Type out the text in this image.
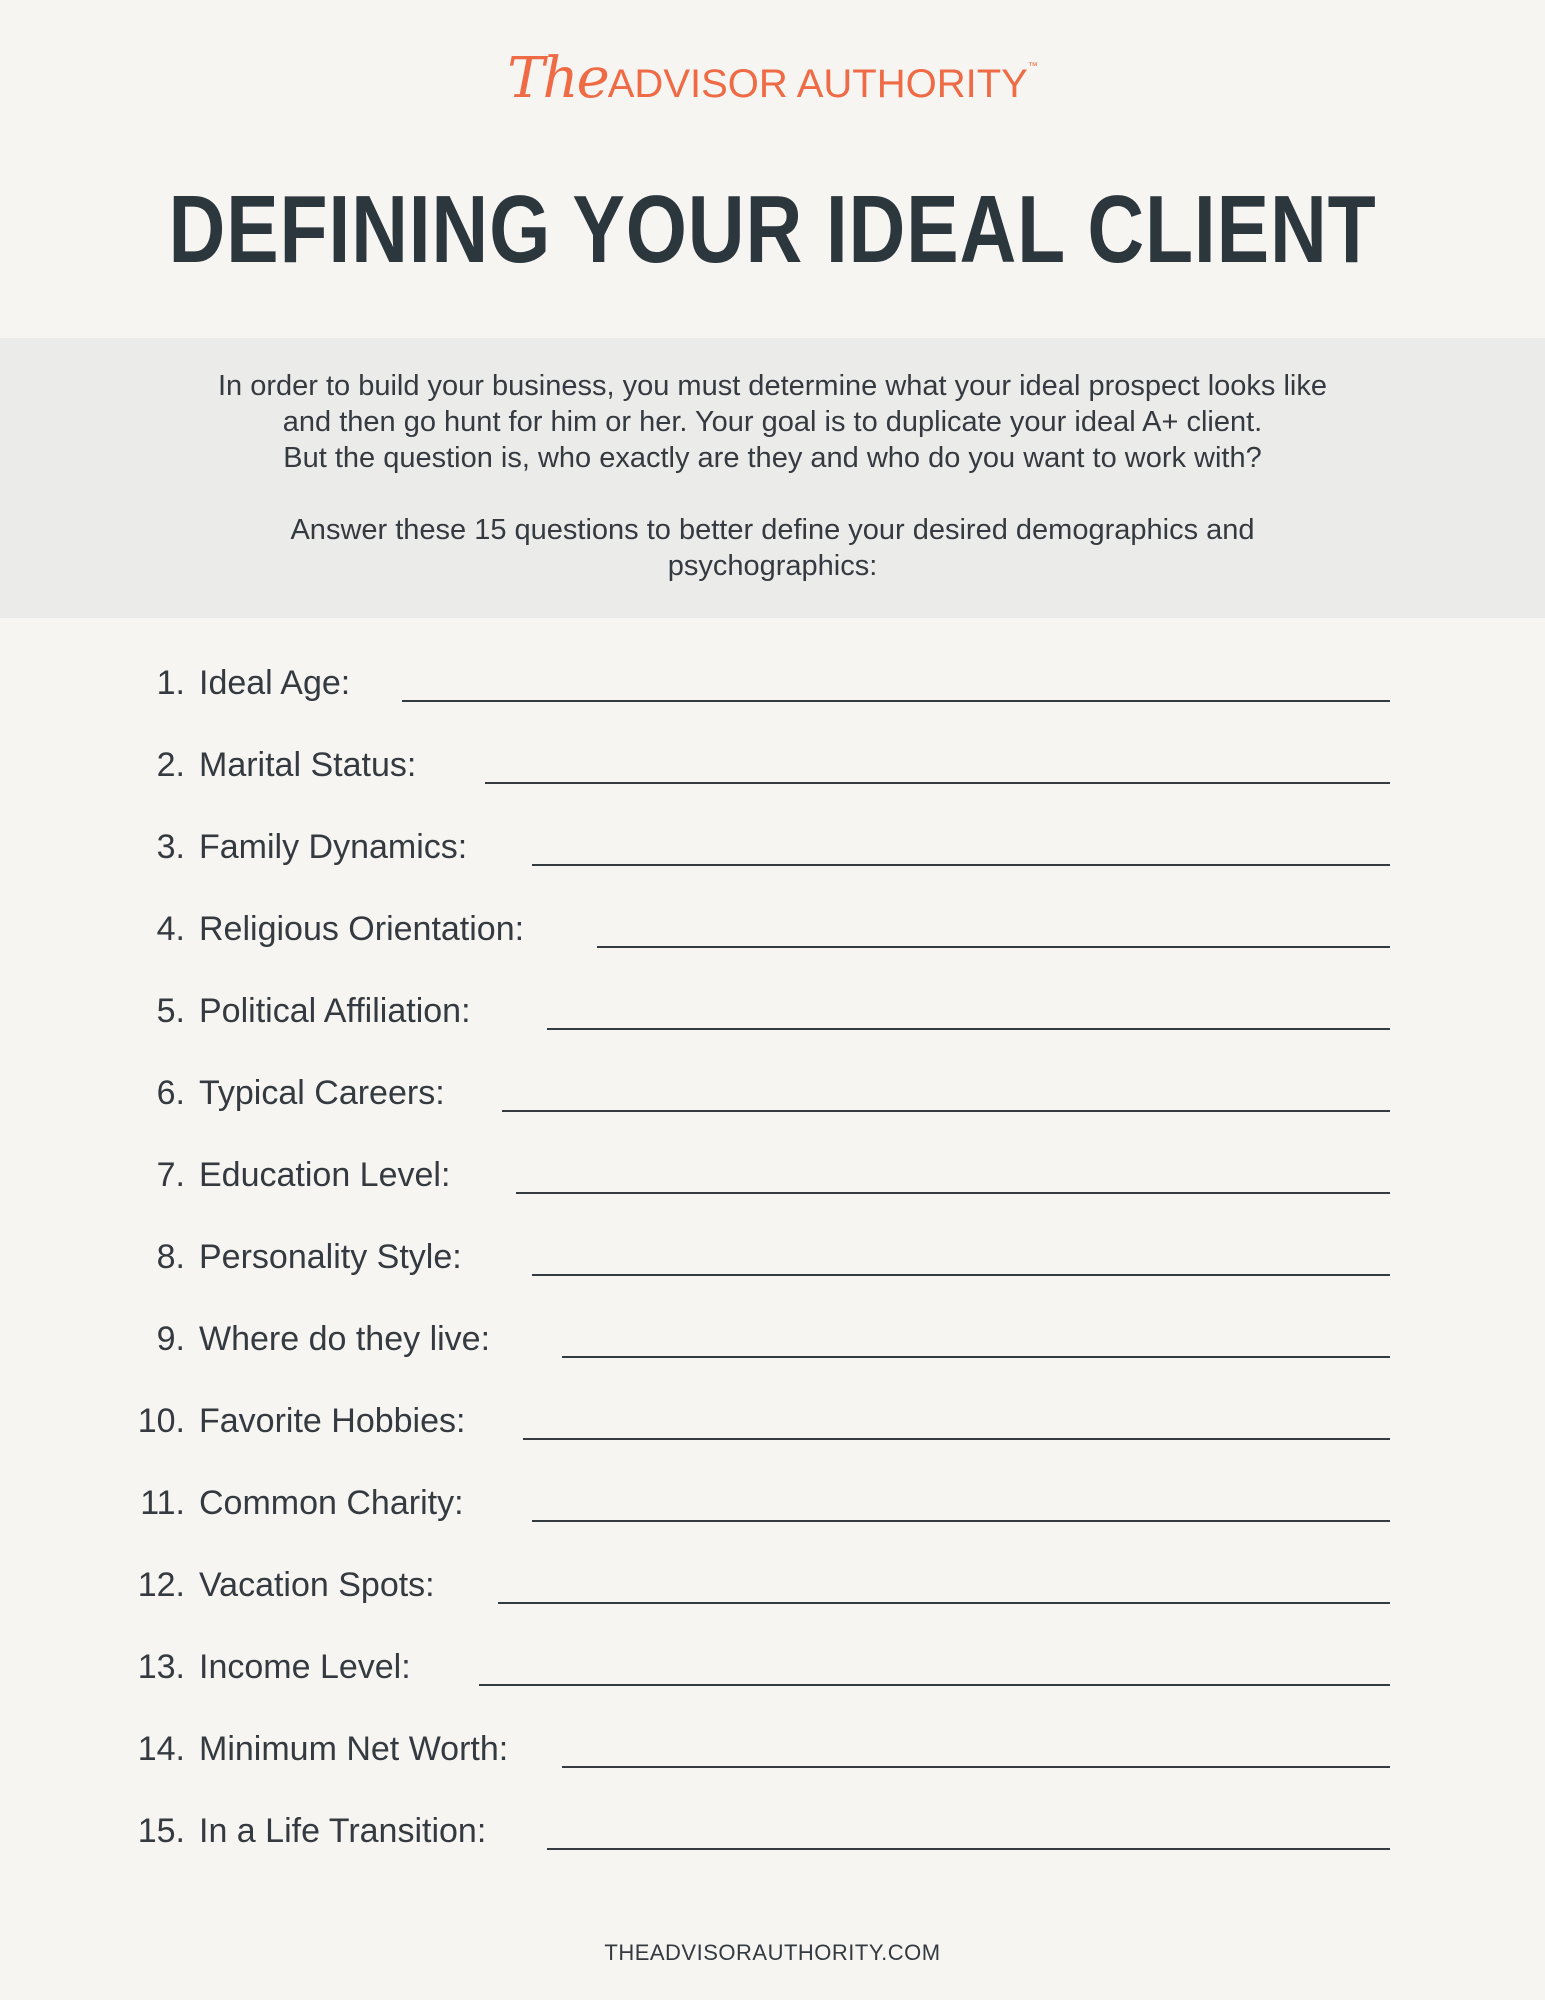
TheADVISOR AUTHORITY™
DEFINING YOUR IDEAL CLIENT

In order to build your business, you must determine what your ideal prospect looks like
and then go hunt for him or her. Your goal is to duplicate your ideal A+ client.
But the question is, who exactly are they and who do you want to work with?

Answer these 15 questions to better define your desired demographics and
psychographics:

1. Ideal Age:
2. Marital Status:
3. Family Dynamics:
4. Religious Orientation:
5. Political Affiliation:
6. Typical Careers:
7. Education Level:
8. Personality Style:
9. Where do they live:
10. Favorite Hobbies:
11. Common Charity:
12. Vacation Spots:
13. Income Level:
14. Minimum Net Worth:
15. In a Life Transition:
THEADVISORAUTHORITY.COM
